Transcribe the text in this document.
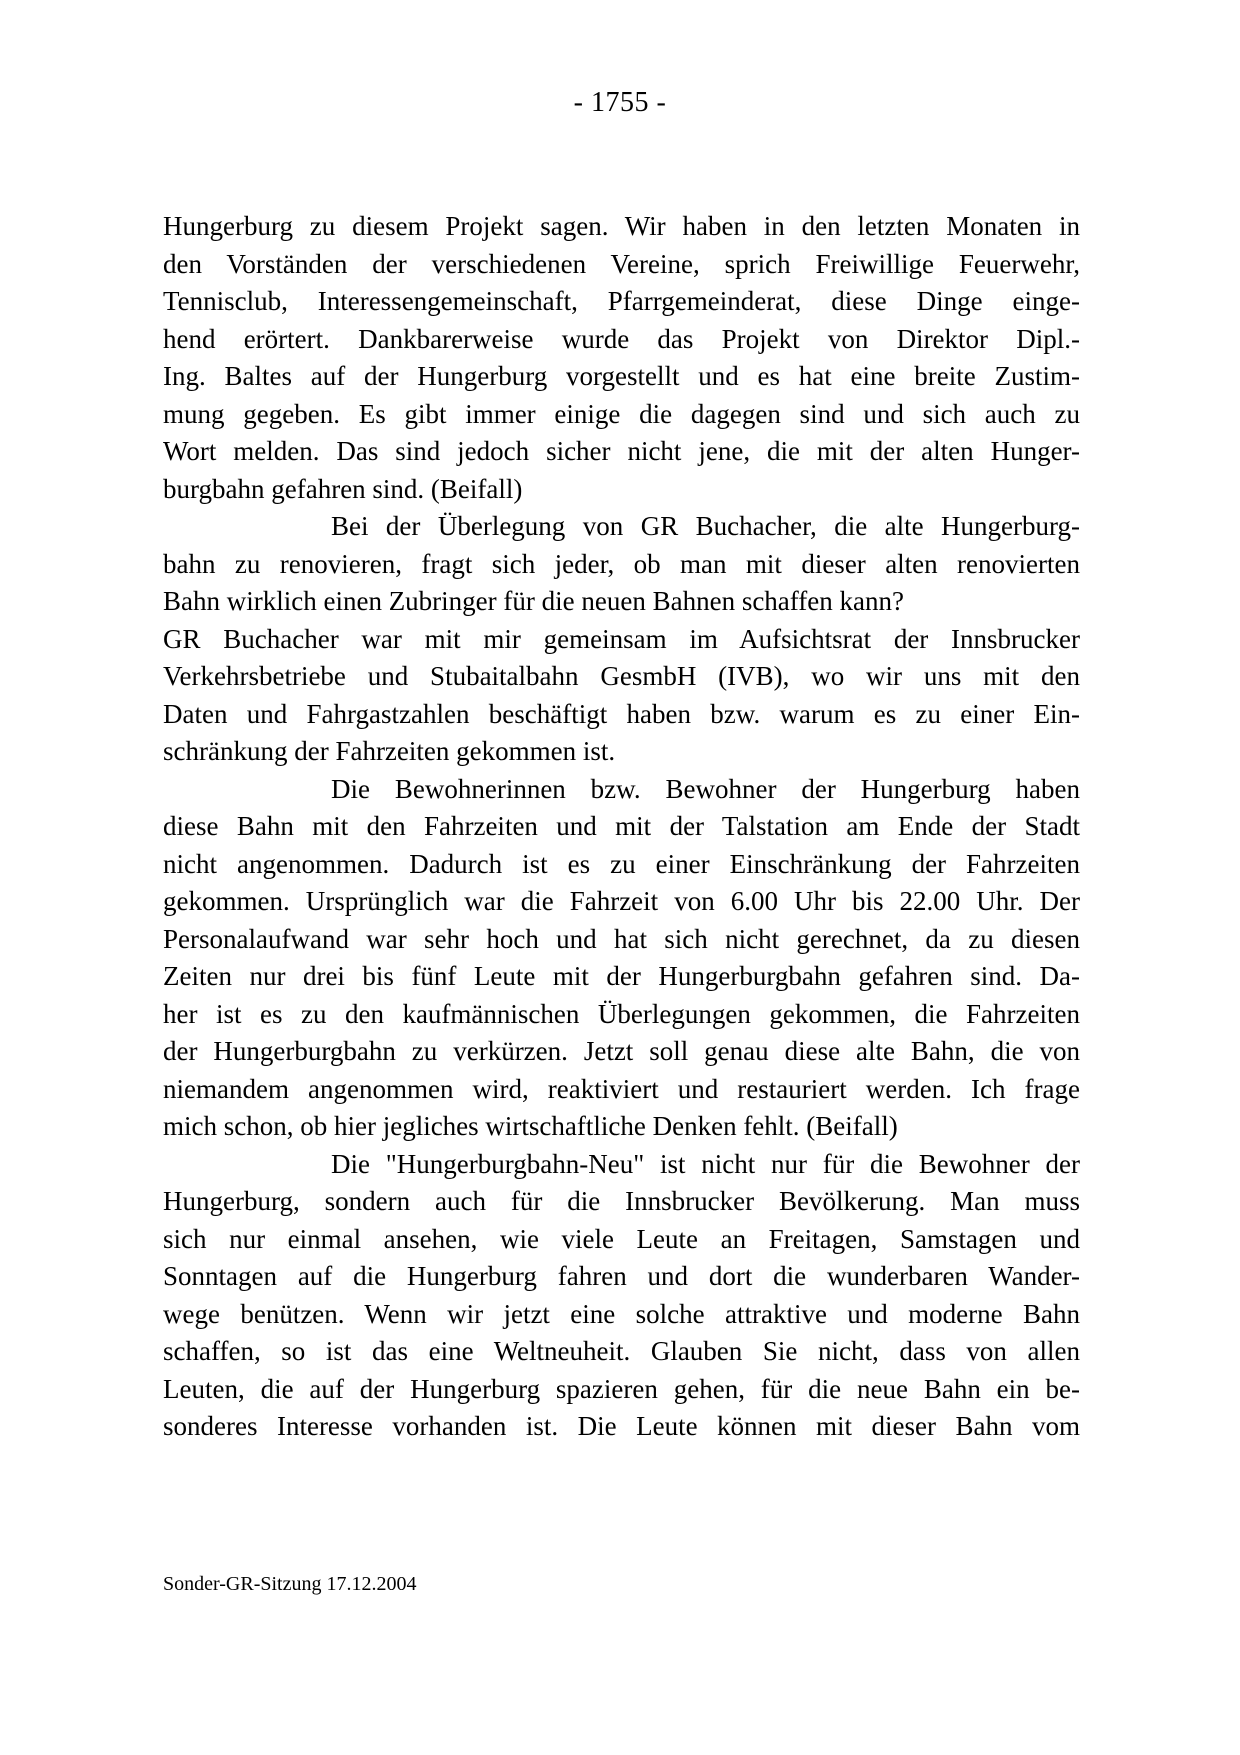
- 1755 -
Hungerburg zu diesem Projekt sagen. Wir haben in den letzten Monaten in
den Vorständen der verschiedenen Vereine, sprich Freiwillige Feuerwehr,
Tennisclub, Interessengemeinschaft, Pfarrgemeinderat, diese Dinge einge-
hend erörtert. Dankbarerweise wurde das Projekt von Direktor Dipl.-
Ing. Baltes auf der Hungerburg vorgestellt und es hat eine breite Zustim-
mung gegeben. Es gibt immer einige die dagegen sind und sich auch zu
Wort melden. Das sind jedoch sicher nicht jene, die mit der alten Hunger-
burgbahn gefahren sind. (Beifall)
Bei der Überlegung von GR Buchacher, die alte Hungerburg-
bahn zu renovieren, fragt sich jeder, ob man mit dieser alten renovierten
Bahn wirklich einen Zubringer für die neuen Bahnen schaffen kann?
GR Buchacher war mit mir gemeinsam im Aufsichtsrat der Innsbrucker
Verkehrsbetriebe und Stubaitalbahn GesmbH (IVB), wo wir uns mit den
Daten und Fahrgastzahlen beschäftigt haben bzw. warum es zu einer Ein-
schränkung der Fahrzeiten gekommen ist.
Die Bewohnerinnen bzw. Bewohner der Hungerburg haben
diese Bahn mit den Fahrzeiten und mit der Talstation am Ende der Stadt
nicht angenommen. Dadurch ist es zu einer Einschränkung der Fahrzeiten
gekommen. Ursprünglich war die Fahrzeit von 6.00 Uhr bis 22.00 Uhr. Der
Personalaufwand war sehr hoch und hat sich nicht gerechnet, da zu diesen
Zeiten nur drei bis fünf Leute mit der Hungerburgbahn gefahren sind. Da-
her ist es zu den kaufmännischen Überlegungen gekommen, die Fahrzeiten
der Hungerburgbahn zu verkürzen. Jetzt soll genau diese alte Bahn, die von
niemandem angenommen wird, reaktiviert und restauriert werden. Ich frage
mich schon, ob hier jegliches wirtschaftliche Denken fehlt. (Beifall)
Die "Hungerburgbahn-Neu" ist nicht nur für die Bewohner der
Hungerburg, sondern auch für die Innsbrucker Bevölkerung. Man muss
sich nur einmal ansehen, wie viele Leute an Freitagen, Samstagen und
Sonntagen auf die Hungerburg fahren und dort die wunderbaren Wander-
wege benützen. Wenn wir jetzt eine solche attraktive und moderne Bahn
schaffen, so ist das eine Weltneuheit. Glauben Sie nicht, dass von allen
Leuten, die auf der Hungerburg spazieren gehen, für die neue Bahn ein be-
sonderes Interesse vorhanden ist. Die Leute können mit dieser Bahn vom
Sonder-GR-Sitzung 17.12.2004
